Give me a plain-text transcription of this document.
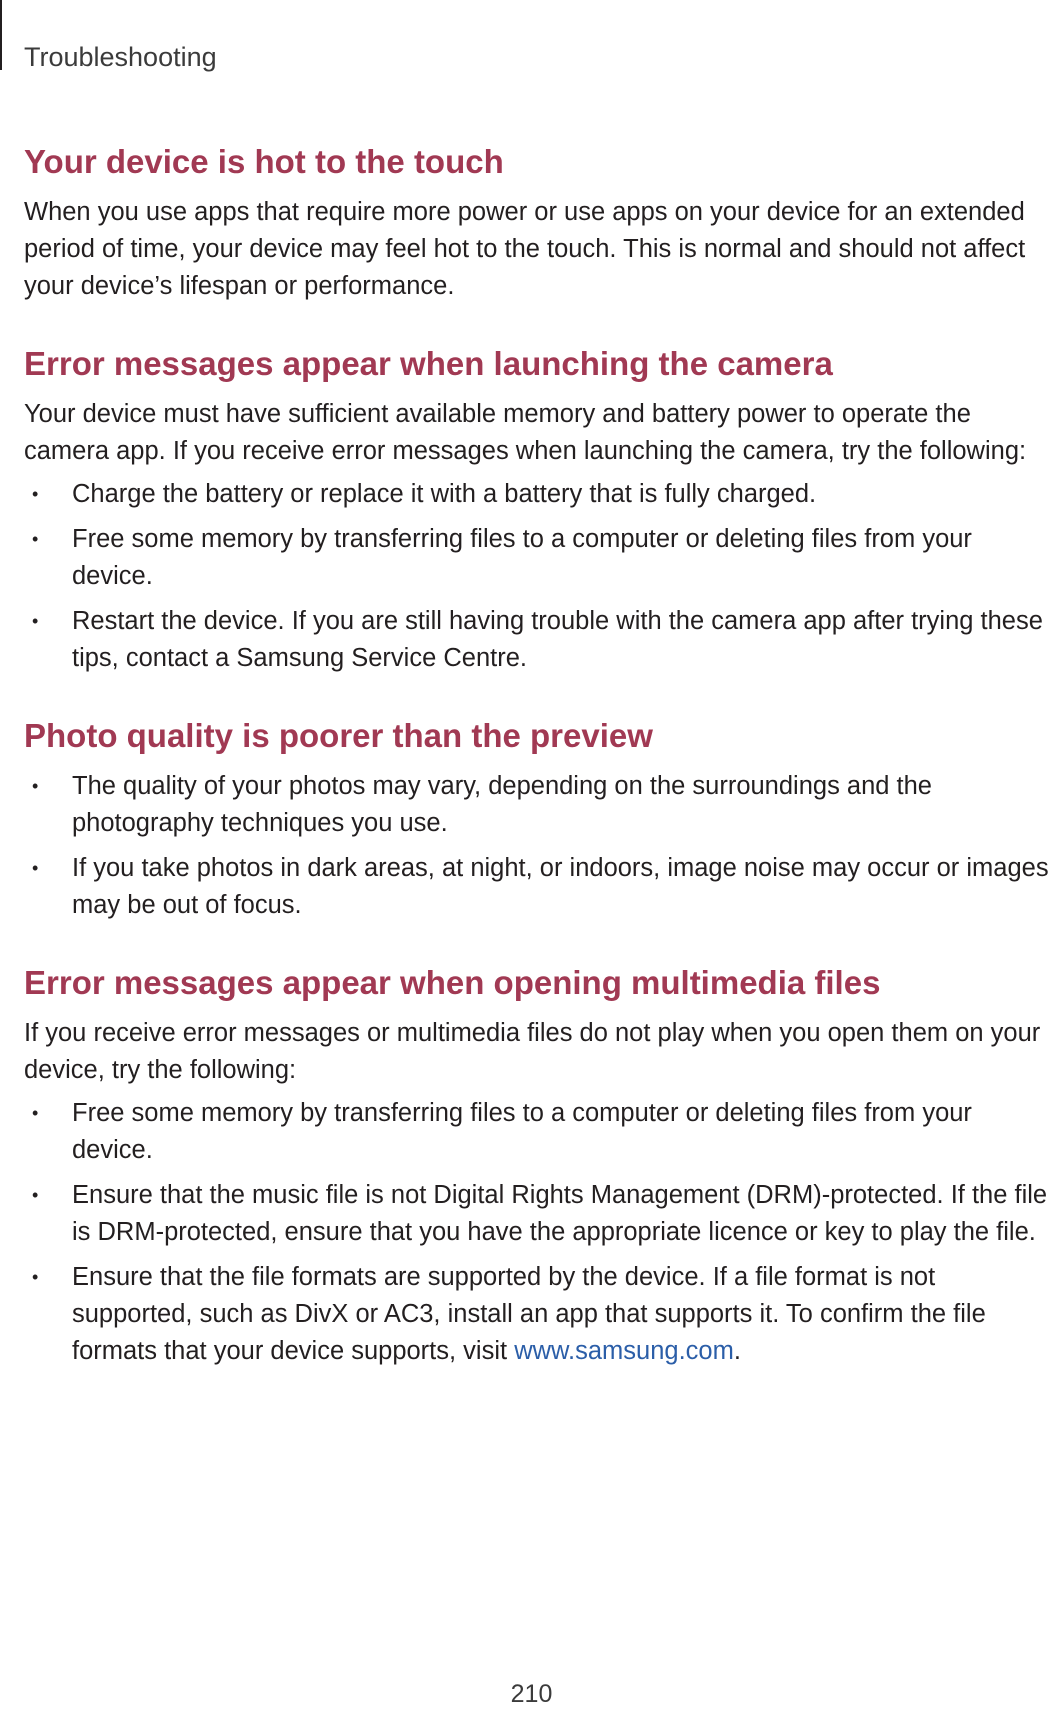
Troubleshooting
Your device is hot to the touch

When you use apps that require more power or use apps on your device for an extended period of time, your device may feel hot to the touch. This is normal and should not affect your device’s lifespan or performance.

Error messages appear when launching the camera

Your device must have sufficient available memory and battery power to operate the camera app. If you receive error messages when launching the camera, try the following:

• Charge the battery or replace it with a battery that is fully charged.
• Free some memory by transferring files to a computer or deleting files from your device.
• Restart the device. If you are still having trouble with the camera app after trying these tips, contact a Samsung Service Centre.
Photo quality is poorer than the preview
• The quality of your photos may vary, depending on the surroundings and the photography techniques you use.
• If you take photos in dark areas, at night, or indoors, image noise may occur or images may be out of focus.
Error messages appear when opening multimedia files

If you receive error messages or multimedia files do not play when you open them on your device, try the following:

• Free some memory by transferring files to a computer or deleting files from your device.
• Ensure that the music file is not Digital Rights Management (DRM)-protected. If the file is DRM-protected, ensure that you have the appropriate licence or key to play the file.
• Ensure that the file formats are supported by the device. If a file format is not supported, such as DivX or AC3, install an app that supports it. To confirm the file formats that your device supports, visit www.samsung.com.
210
